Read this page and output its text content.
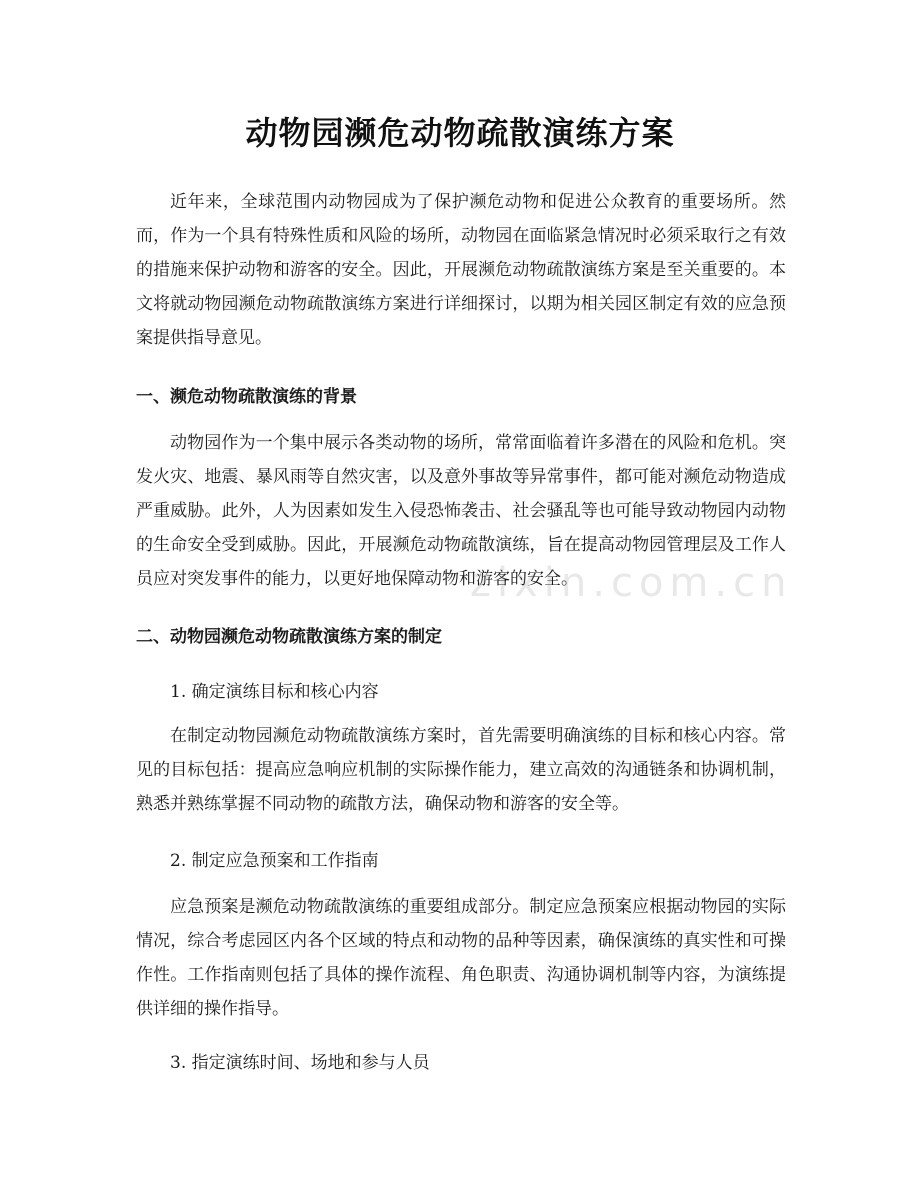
动物园濒危动物疏散演练方案

近年来，全球范围内动物园成为了保护濒危动物和促进公众教育的重要场所。然而，作为一个具有特殊性质和风险的场所，动物园在面临紧急情况时必须采取行之有效的措施来保护动物和游客的安全。因此，开展濒危动物疏散演练方案是至关重要的。本文将就动物园濒危动物疏散演练方案进行详细探讨，以期为相关园区制定有效的应急预案提供指导意见。

一、濒危动物疏散演练的背景

动物园作为一个集中展示各类动物的场所，常常面临着许多潜在的风险和危机。突发火灾、地震、暴风雨等自然灾害，以及意外事故等异常事件，都可能对濒危动物造成严重威胁。此外，人为因素如发生入侵恐怖袭击、社会骚乱等也可能导致动物园内动物的生命安全受到威胁。因此，开展濒危动物疏散演练，旨在提高动物园管理层及工作人员应对突发事件的能力，以更好地保障动物和游客的安全。

二、动物园濒危动物疏散演练方案的制定

1. 确定演练目标和核心内容

在制定动物园濒危动物疏散演练方案时，首先需要明确演练的目标和核心内容。常见的目标包括：提高应急响应机制的实际操作能力，建立高效的沟通链条和协调机制，熟悉并熟练掌握不同动物的疏散方法，确保动物和游客的安全等。

2. 制定应急预案和工作指南

应急预案是濒危动物疏散演练的重要组成部分。制定应急预案应根据动物园的实际情况，综合考虑园区内各个区域的特点和动物的品种等因素，确保演练的真实性和可操作性。工作指南则包括了具体的操作流程、角色职责、沟通协调机制等内容，为演练提供详细的操作指导。

3. 指定演练时间、场地和参与人员

zixin.com.cn
